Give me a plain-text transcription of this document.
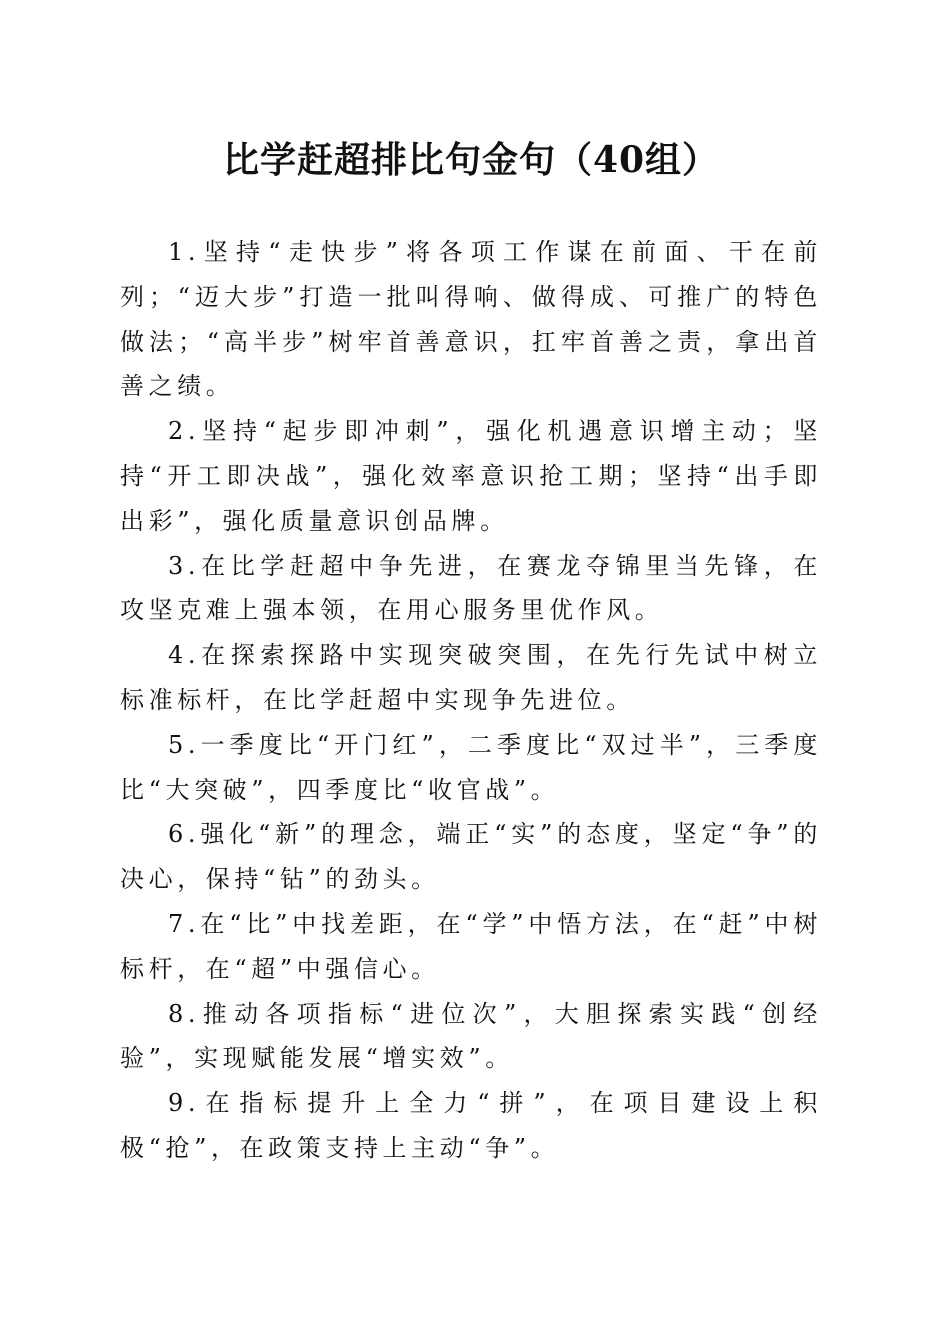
比学赶超排比句金句（40组）

1.坚持“走快步”将各项工作谋在前面、干在前列；“迈大步”打造一批叫得响、做得成、可推广的特色做法；“高半步”树牢首善意识，扛牢首善之责，拿出首善之绩。

2.坚持“起步即冲刺”，强化机遇意识增主动；坚持“开工即决战”，强化效率意识抢工期；坚持“出手即出彩”，强化质量意识创品牌。

3.在比学赶超中争先进，在赛龙夺锦里当先锋，在攻坚克难上强本领，在用心服务里优作风。

4.在探索探路中实现突破突围，在先行先试中树立标准标杆，在比学赶超中实现争先进位。

5.一季度比“开门红”，二季度比“双过半”，三季度比“大突破”，四季度比“收官战”。

6.强化“新”的理念，端正“实”的态度，坚定“争”的决心，保持“钻”的劲头。

7.在“比”中找差距，在“学”中悟方法，在“赶”中树标杆，在“超”中强信心。

8.推动各项指标“进位次”，大胆探索实践“创经验”，实现赋能发展“增实效”。

9.在指标提升上全力“拼”，在项目建设上积极“抢”，在政策支持上主动“争”。
